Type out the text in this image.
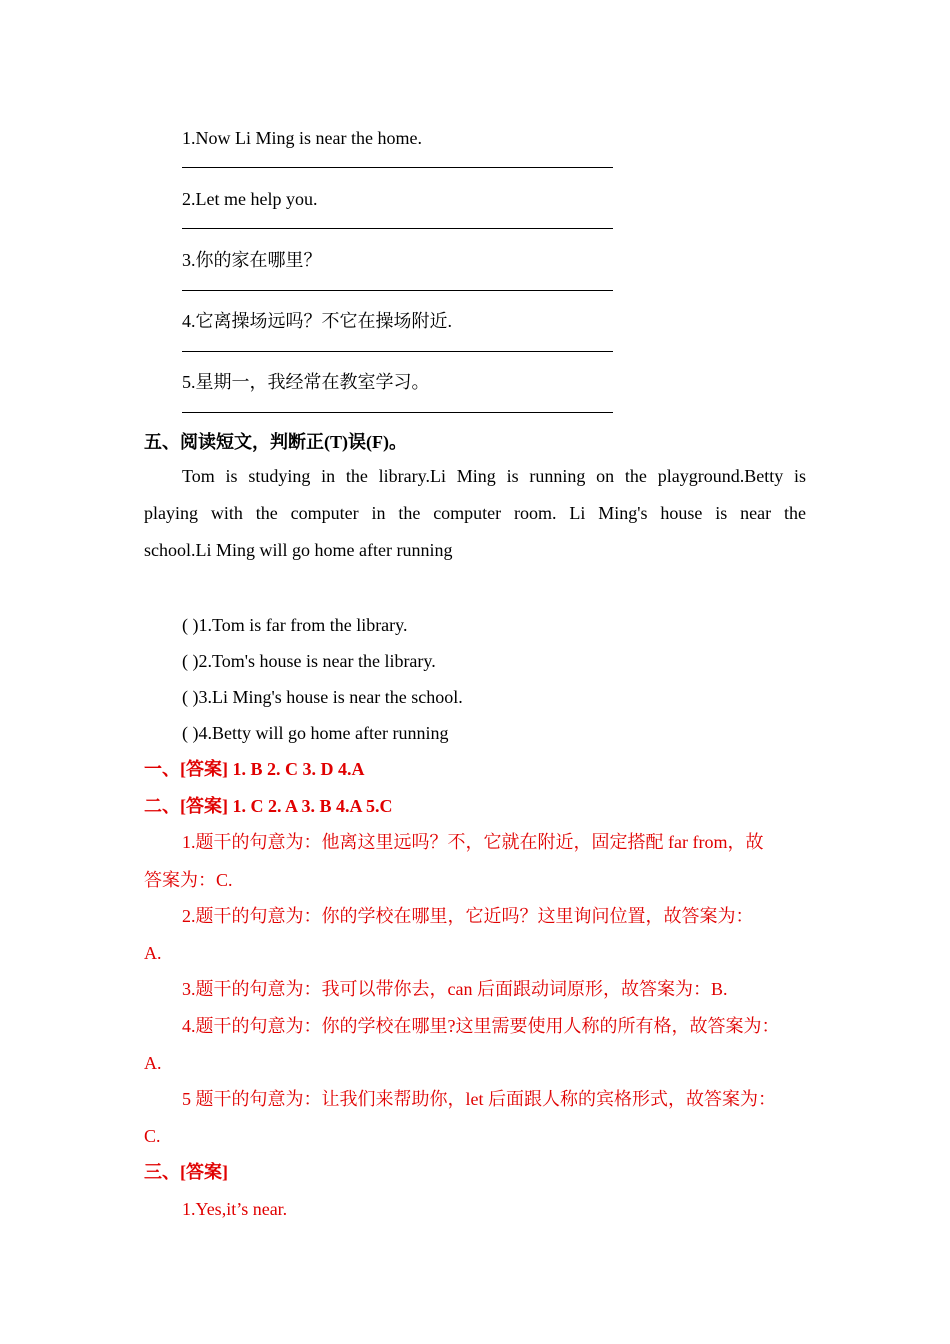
1.Now Li Ming is near the home.
2.Let me help you.
3.你的家在哪里？
4.它离操场远吗？不它在操场附近.
5.星期一，我经常在教室学习。
五、阅读短文，判断正(T)误(F)。
Tom is studying in the library.Li Ming is running on the playground.Betty is
playing with the computer in the computer room. Li Ming's house is near the
school.Li Ming will go home after running
( )1.Tom is far from the library.
( )2.Tom's house is near the library.
( )3.Li Ming's house is near the school.
( )4.Betty will go home after running
一、[答案] 1. B 2. C 3. D 4.A
二、[答案] 1. C 2. A 3. B 4.A 5.C
1.题干的句意为：他离这里远吗？不，它就在附近，固定搭配 far from，故
答案为：C.
2.题干的句意为：你的学校在哪里，它近吗？这里询问位置，故答案为：
A.
3.题干的句意为：我可以带你去，can 后面跟动词原形，故答案为：B.
4.题干的句意为：你的学校在哪里?这里需要使用人称的所有格，故答案为：
A.
5 题干的句意为：让我们来帮助你，let 后面跟人称的宾格形式，故答案为：
C.
三、[答案]
1.Yes,it’s near.
